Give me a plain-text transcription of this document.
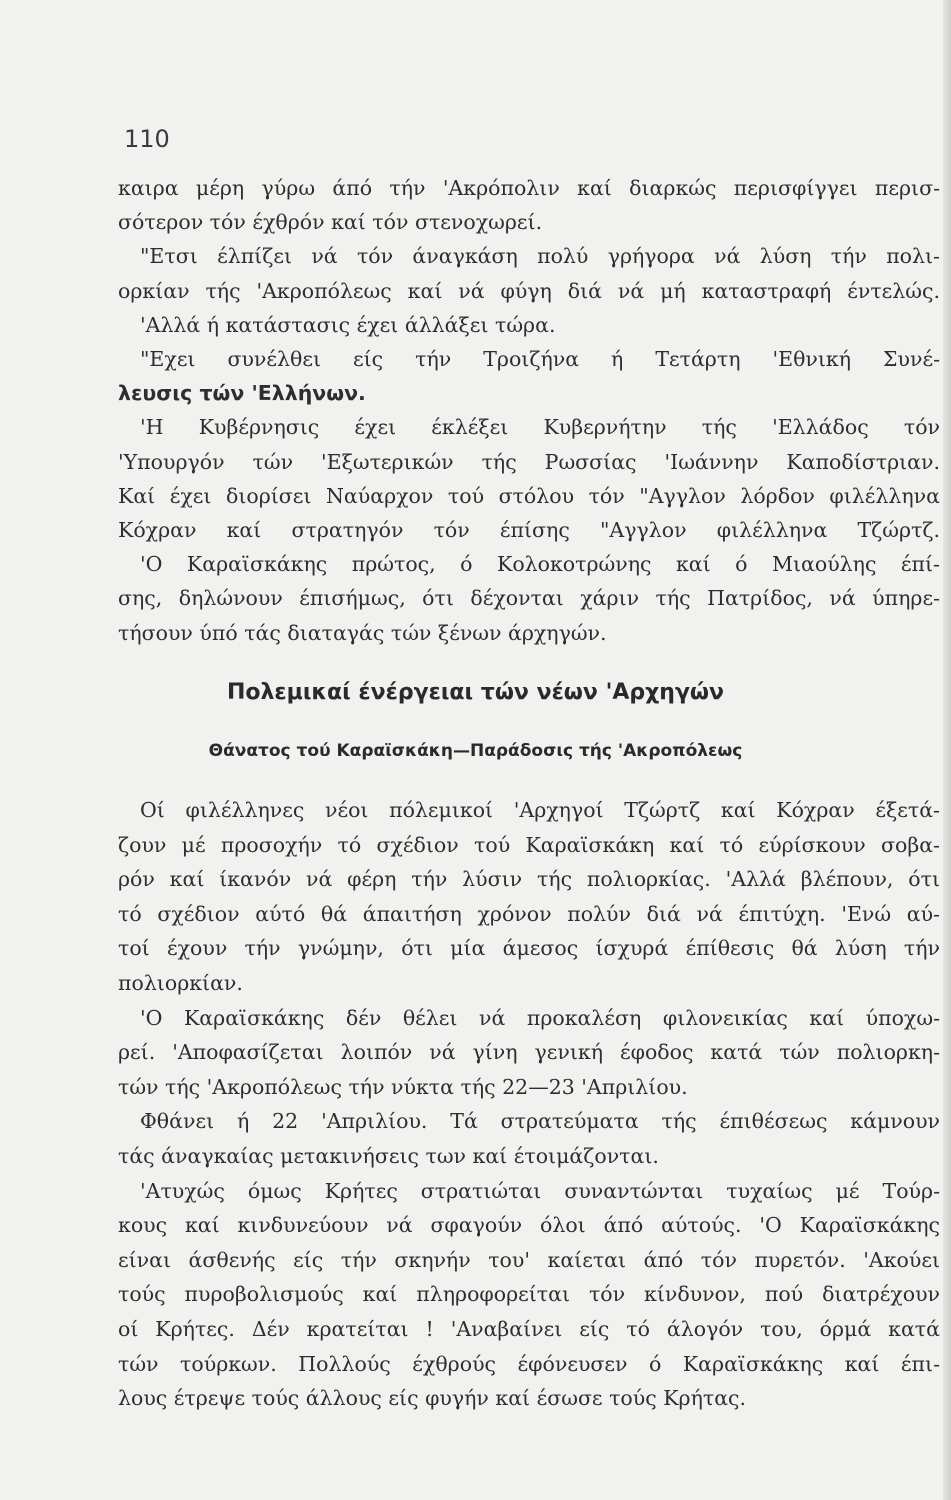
110
καιρα μέρη γύρω άπό τήν 'Ακρόπολιν καί διαρκώς περισφίγγει περισ-
σότερον τόν έχθρόν καί τόν στενοχωρεί.
"Ετσι έλπίζει νά τόν άναγκάση πολύ γρήγορα νά λύση τήν πολι-
ορκίαν τής 'Ακροπόλεως καί νά φύγη διά νά μή καταστραφή έντελώς.
'Αλλά ή κατάστασις έχει άλλάξει τώρα.
"Εχει συνέλθει είς τήν Τροιζήνα ή Τετάρτη 'Εθνική Συνέ-
λευσις τών 'Ελλήνων.
'Η Κυβέρνησις έχει έκλέξει Κυβερνήτην τής 'Ελλάδος τόν
'Υπουργόν τών 'Εξωτερικών τής Ρωσσίας 'Ιωάννην Καποδίστριαν.
Καί έχει διορίσει Ναύαρχον τού στόλου τόν "Αγγλον λόρδον φιλέλληνα
Κόχραν καί στρατηγόν τόν έπίσης "Αγγλον φιλέλληνα Τζώρτζ.
'Ο Καραϊσκάκης πρώτος, ό Κολοκοτρώνης καί ό Μιαούλης έπί-
σης, δηλώνουν έπισήμως, ότι δέχονται χάριν τής Πατρίδος, νά ύπηρε-
τήσουν ύπό τάς διαταγάς τών ξένων άρχηγών.
Πολεμικαί ένέργειαι τών νέων 'Αρχηγών
Θάνατος τού Καραϊσκάκη—Παράδοσις τής 'Ακροπόλεως
Οί φιλέλληνες νέοι πόλεμικοί 'Αρχηγοί Τζώρτζ καί Κόχραν έξετά-
ζουν μέ προσοχήν τό σχέδιον τού Καραϊσκάκη καί τό εύρίσκουν σοβα-
ρόν καί ίκανόν νά φέρη τήν λύσιν τής πολιορκίας. 'Αλλά βλέπουν, ότι
τό σχέδιον αύτό θά άπαιτήση χρόνον πολύν διά νά έπιτύχη. 'Ενώ αύ-
τοί έχουν τήν γνώμην, ότι μία άμεσος ίσχυρά έπίθεσις θά λύση τήν
πολιορκίαν.
'Ο Καραϊσκάκης δέν θέλει νά προκαλέση φιλονεικίας καί ύποχω-
ρεί. 'Αποφασίζεται λοιπόν νά γίνη γενική έφοδος κατά τών πολιορκη-
τών τής 'Ακροπόλεως τήν νύκτα τής 22—23 'Απριλίου.
Φθάνει ή 22 'Απριλίου. Τά στρατεύματα τής έπιθέσεως κάμνουν
τάς άναγκαίας μετακινήσεις των καί έτοιμάζονται.
'Ατυχώς όμως Κρήτες στρατιώται συναντώνται τυχαίως μέ Τούρ-
κους καί κινδυνεύουν νά σφαγούν όλοι άπό αύτούς. 'Ο Καραϊσκάκης
είναι άσθενής είς τήν σκηνήν του' καίεται άπό τόν πυρετόν. 'Ακούει
τούς πυροβολισμούς καί πληροφορείται τόν κίνδυνον, πού διατρέχουν
οί Κρήτες. Δέν κρατείται ! 'Αναβαίνει είς τό άλογόν του, όρμά κατά
τών τούρκων. Πολλούς έχθρούς έφόνευσεν ό Καραϊσκάκης καί έπι-
λους έτρεψε τούς άλλους είς φυγήν καί έσωσε τούς Κρήτας.
